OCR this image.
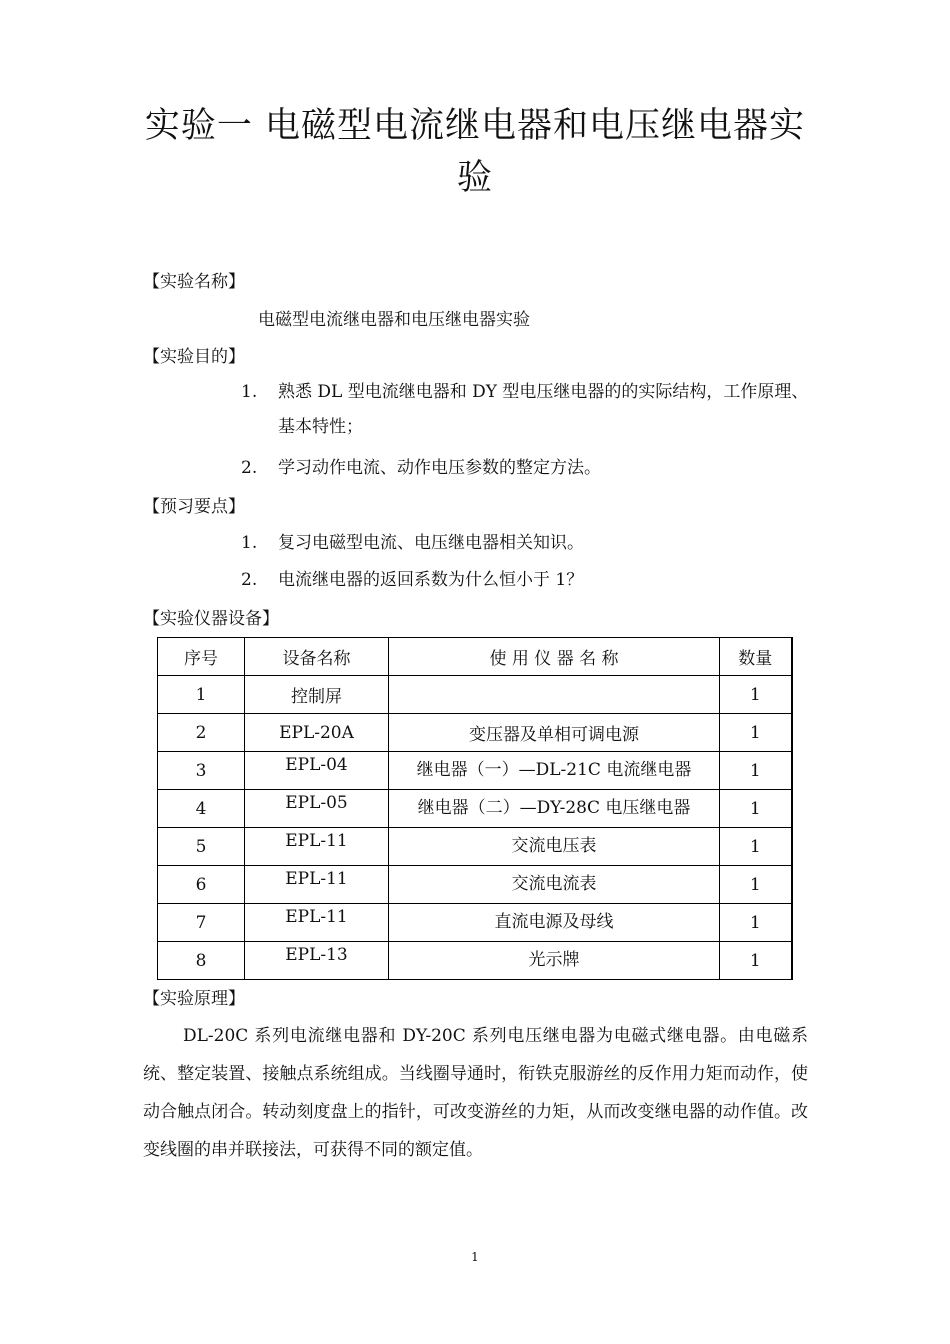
实验一 电磁型电流继电器和电压继电器实
验
【实验名称】
电磁型电流继电器和电压继电器实验
【实验目的】
1. 熟悉 DL 型电流继电器和 DY 型电压继电器的的实际结构，工作原理、基本特性；
2. 学习动作电流、动作电压参数的整定方法。
【预习要点】
1. 复习电磁型电流、电压继电器相关知识。
2. 电流继电器的返回系数为什么恒小于 1？
【实验仪器设备】
序号	设备名称	使 用 仪 器 名 称	数量
1	控制屏		1
2	EPL-20A	变压器及单相可调电源	1
3	EPL-04	继电器（一）—DL-21C 电流继电器	1
4	EPL-05	继电器（二）—DY-28C 电压继电器	1
5	EPL-11	交流电压表	1
6	EPL-11	交流电流表	1
7	EPL-11	直流电源及母线	1
8	EPL-13	光示牌	1
【实验原理】
DL-20C 系列电流继电器和 DY-20C 系列电压继电器为电磁式继电器。由电磁系统、整定装置、接触点系统组成。当线圈导通时，衔铁克服游丝的反作用力矩而动作，使动合触点闭合。转动刻度盘上的指针，可改变游丝的力矩，从而改变继电器的动作值。改变线圈的串并联接法，可获得不同的额定值。
1
